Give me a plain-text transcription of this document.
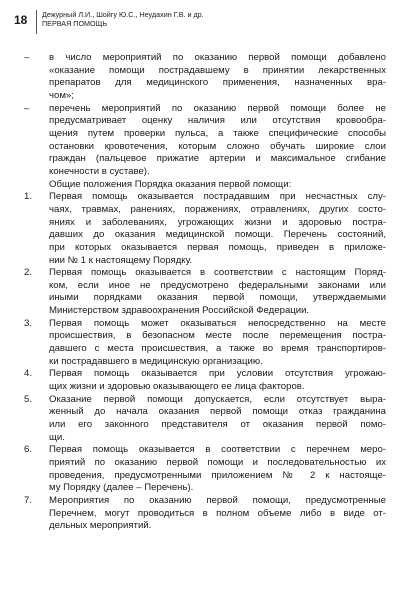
18 Дежурный Л.И., Шойгу Ю.С., Неудахин Г.В. и др.
ПЕРВАЯ ПОМОЩЬ
– в число мероприятий по оказанию первой помощи добавлено
«оказание помощи пострадавшему в принятии лекарственных
препаратов для медицинского применения, назначенных вра-
чом»;
– перечень мероприятий по оказанию первой помощи более не
предусматривает оценку наличия или отсутствия кровообра-
щения путем проверки пульса, а также специфические способы
остановки кровотечения, которым сложно обучать широкие слои
граждан (пальцевое прижатие артерии и максимальное сгибание
конечности в суставе).
Общие положения Порядка оказания первой помощи:
1. Первая помощь оказывается пострадавшим при несчастных слу-
чаях, травмах, ранениях, поражениях, отравлениях, других состо-
яниях и заболеваниях, угрожающих жизни и здоровью постра-
давших до оказания медицинской помощи. Перечень состояний,
при которых оказывается первая помощь, приведен в приложе-
нии № 1 к настоящему Порядку.
2. Первая помощь оказывается в соответствии с настоящим Поряд-
ком, если иное не предусмотрено федеральными законами или
иными порядками оказания первой помощи, утверждаемыми
Министерством здравоохранения Российской Федерации.
3. Первая помощь может оказываться непосредственно на месте
происшествия, в безопасном месте после перемещения постра-
давшего с места происшествия, а также во время транспортиров-
ки пострадавшего в медицинскую организацию.
4. Первая помощь оказывается при условии отсутствия угрожаю-
щих жизни и здоровью оказывающего ее лица факторов.
5. Оказание первой помощи допускается, если отсутствует выра-
женный до начала оказания первой помощи отказ гражданина
или его законного представителя от оказания первой помо-
щи.
6. Первая помощь оказывается в соответствии с перечнем меро-
приятий по оказанию первой помощи и последовательностью их
проведения, предусмотренными приложением № 2 к настояще-
му Порядку (далее – Перечень).
7. Мероприятия по оказанию первой помощи, предусмотренные
Перечнем, могут проводиться в полном объеме либо в виде от-
дельных мероприятий.
